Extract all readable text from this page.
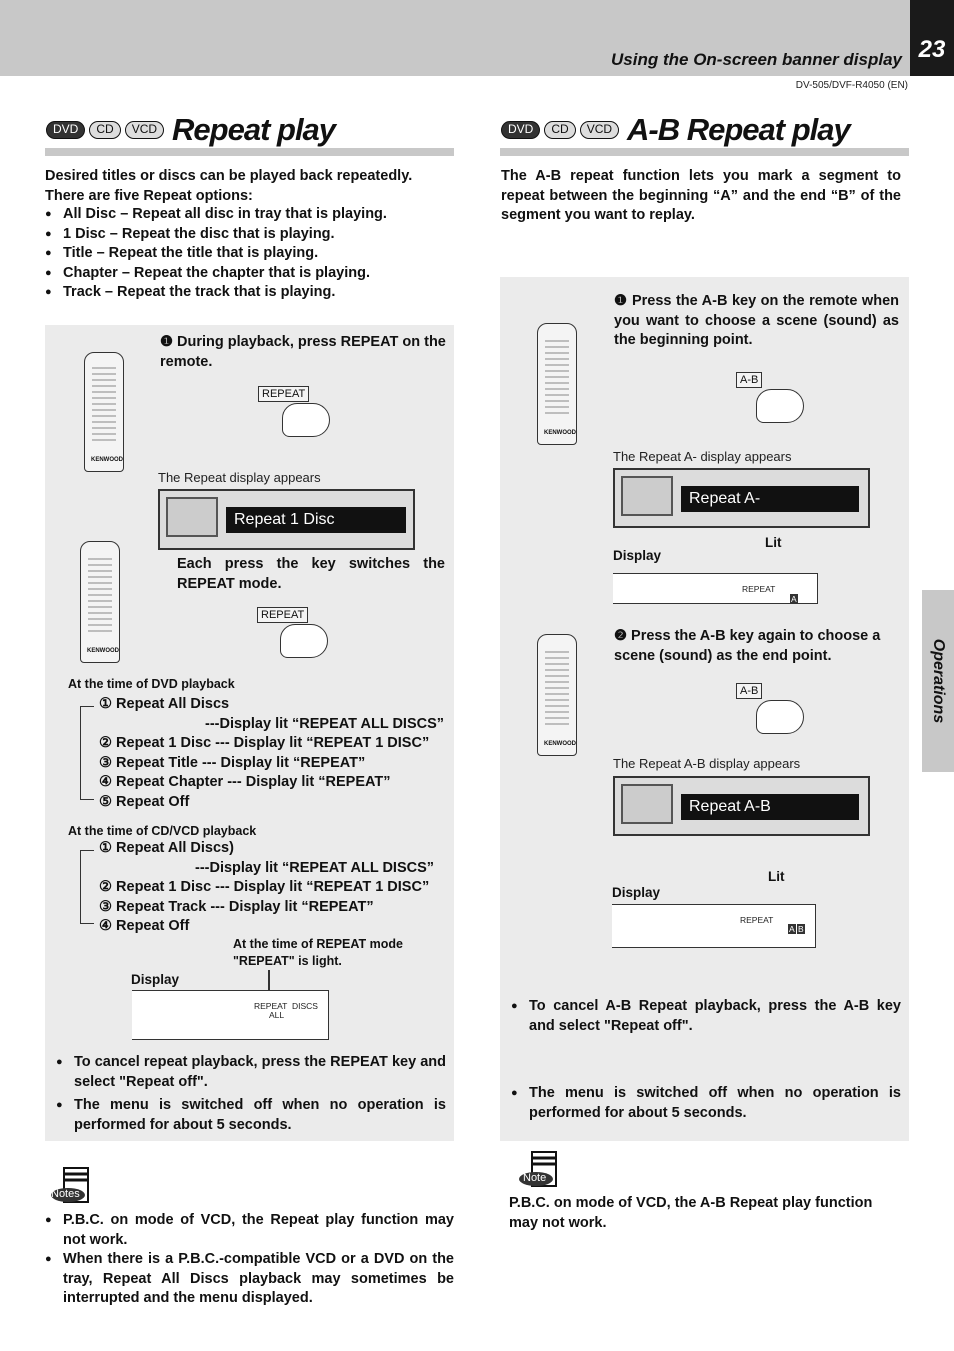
23
Using the On-screen banner display
DV-505/DVF-R4050 (EN)
Operations
DVD	CD	VCD Repeat play
Desired titles or discs can be played back repeatedly. There are five Repeat options:
● All Disc – Repeat all disc in tray that is playing.
● 1 Disc – Repeat the disc that is playing.
● Title – Repeat the title that is playing.
● Chapter – Repeat the chapter that is playing.
● Track – Repeat the track that is playing.
KENWOOD
❶ During playback, press REPEAT on the remote.
REPEAT
The Repeat display appears
Repeat 1 Disc
KENWOOD
Each press the key switches the REPEAT mode.
REPEAT
At the time of DVD playback
① Repeat All Discs
---Display lit “REPEAT ALL DISCS”
② Repeat 1 Disc --- Display lit “REPEAT 1 DISC”
③ Repeat Title --- Display lit “REPEAT”
④ Repeat Chapter --- Display lit “REPEAT”
⑤ Repeat Off
At the time of CD/VCD playback
① Repeat All Discs)
---Display lit “REPEAT ALL DISCS”
② Repeat 1 Disc --- Display lit “REPEAT 1 DISC”
③ Repeat Track --- Display lit “REPEAT”
④ Repeat Off
At the time of REPEAT mode "REPEAT" is light.
Display
REPEAT
ALL
DISCS
● To cancel repeat playback, press the REPEAT key and select "Repeat off".
● The menu is switched off when no operation is performed for about 5 seconds.
Notes
● P.B.C. on mode of VCD, the Repeat play function may not work.
● When there is a P.B.C.-compatible VCD or a DVD on the tray, Repeat All Discs playback may sometimes be interrupted and the menu displayed.
DVD	CD	VCD A-B Repeat play
The A-B repeat function lets you mark a segment to repeat between the beginning “A” and the end “B” of the segment you want to replay.
KENWOOD
❶ Press the A-B key on the remote when you want to choose a scene (sound) as the beginning point.
A-B
The Repeat A- display appears
Repeat A-
Lit
Display
REPEAT
A
KENWOOD
❷ Press the A-B key again to choose a scene (sound) as the end point.
A-B
The Repeat A-B display appears
Repeat A-B
Lit
Display
REPEAT
A B
● To cancel A-B Repeat playback, press the A-B key and select "Repeat off".
● The menu is switched off when no operation is performed for about 5 seconds.
Note
P.B.C. on mode of VCD, the A-B Repeat play function may not work.
